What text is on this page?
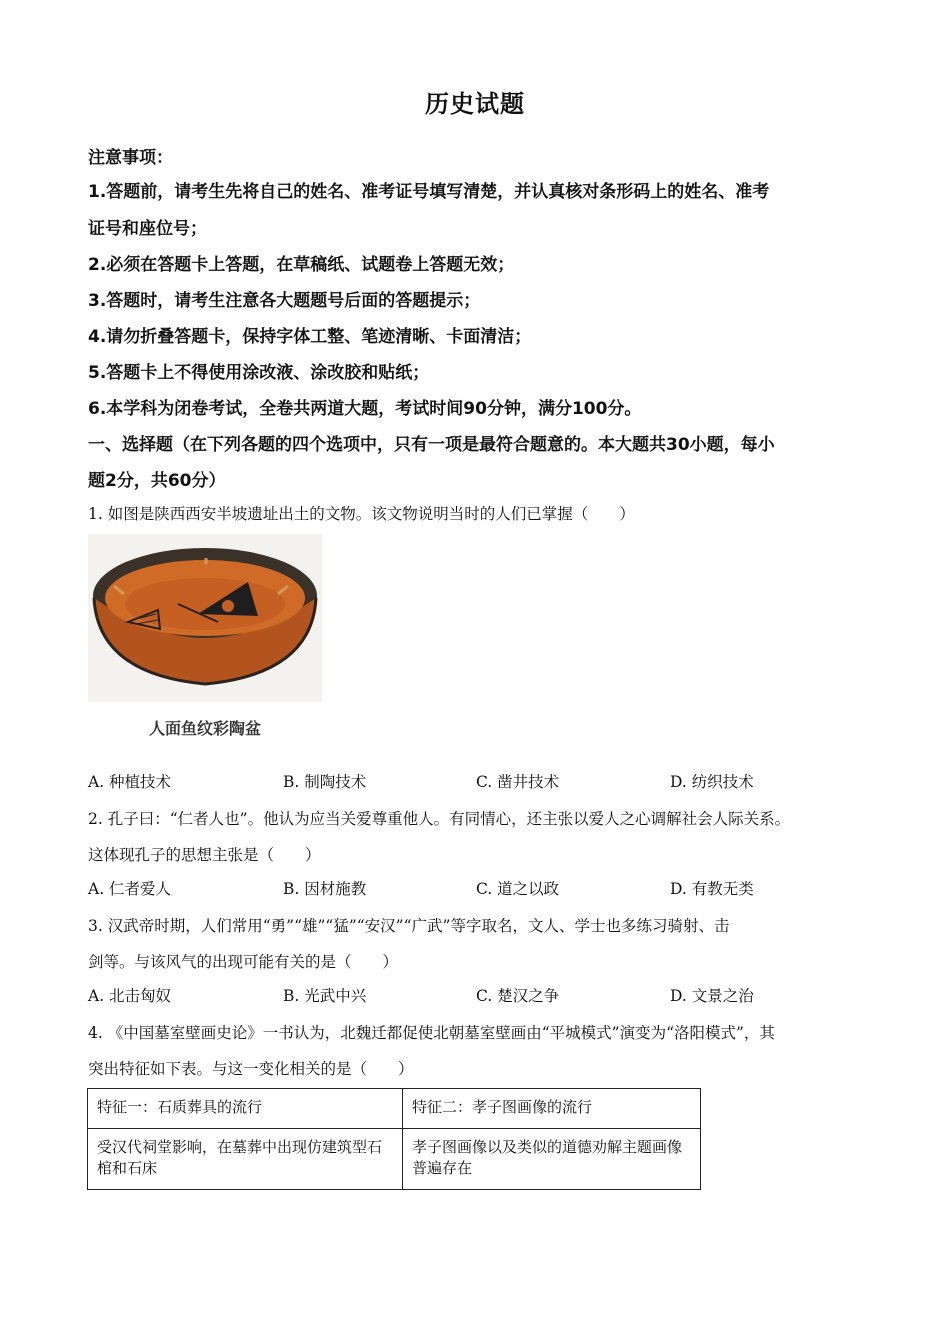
历史试题
注意事项：
1.答题前，请考生先将自己的姓名、准考证号填写清楚，并认真核对条形码上的姓名、准考
证号和座位号；
2.必须在答题卡上答题，在草稿纸、试题卷上答题无效；
3.答题时，请考生注意各大题题号后面的答题提示；
4.请勿折叠答题卡，保持字体工整、笔迹清晰、卡面清洁；
5.答题卡上不得使用涂改液、涂改胶和贴纸；
6.本学科为闭卷考试，全卷共两道大题，考试时间90分钟，满分100分。
一、选择题（在下列各题的四个选项中，只有一项是最符合题意的。本大题共30小题，每小
题2分，共60分）
1. 如图是陕西西安半坡遗址出土的文物。该文物说明当时的人们已掌握（　　）
人面鱼纹彩陶盆
A. 种植技术	B. 制陶技术	C. 凿井技术	D. 纺织技术
2. 孔子曰：“仁者人也”。他认为应当关爱尊重他人。有同情心，还主张以爱人之心调解社会人际关系。
这体现孔子的思想主张是（　　）
A. 仁者爱人	B. 因材施教	C. 道之以政	D. 有教无类
3. 汉武帝时期，人们常用“勇”“雄”“猛”“安汉”“广武”等字取名，文人、学士也多练习骑射、击
剑等。与该风气的出现可能有关的是（　　）
A. 北击匈奴	B. 光武中兴	C. 楚汉之争	D. 文景之治
4. 《中国墓室壁画史论》一书认为，北魏迁都促使北朝墓室壁画由“平城模式”演变为“洛阳模式”，其
突出特征如下表。与这一变化相关的是（　　）
特征一：石质葬具的流行	特征二：孝子图画像的流行
受汉代祠堂影响，在墓葬中出现仿建筑型石棺和石床	孝子图画像以及类似的道德劝解主题画像普遍存在
